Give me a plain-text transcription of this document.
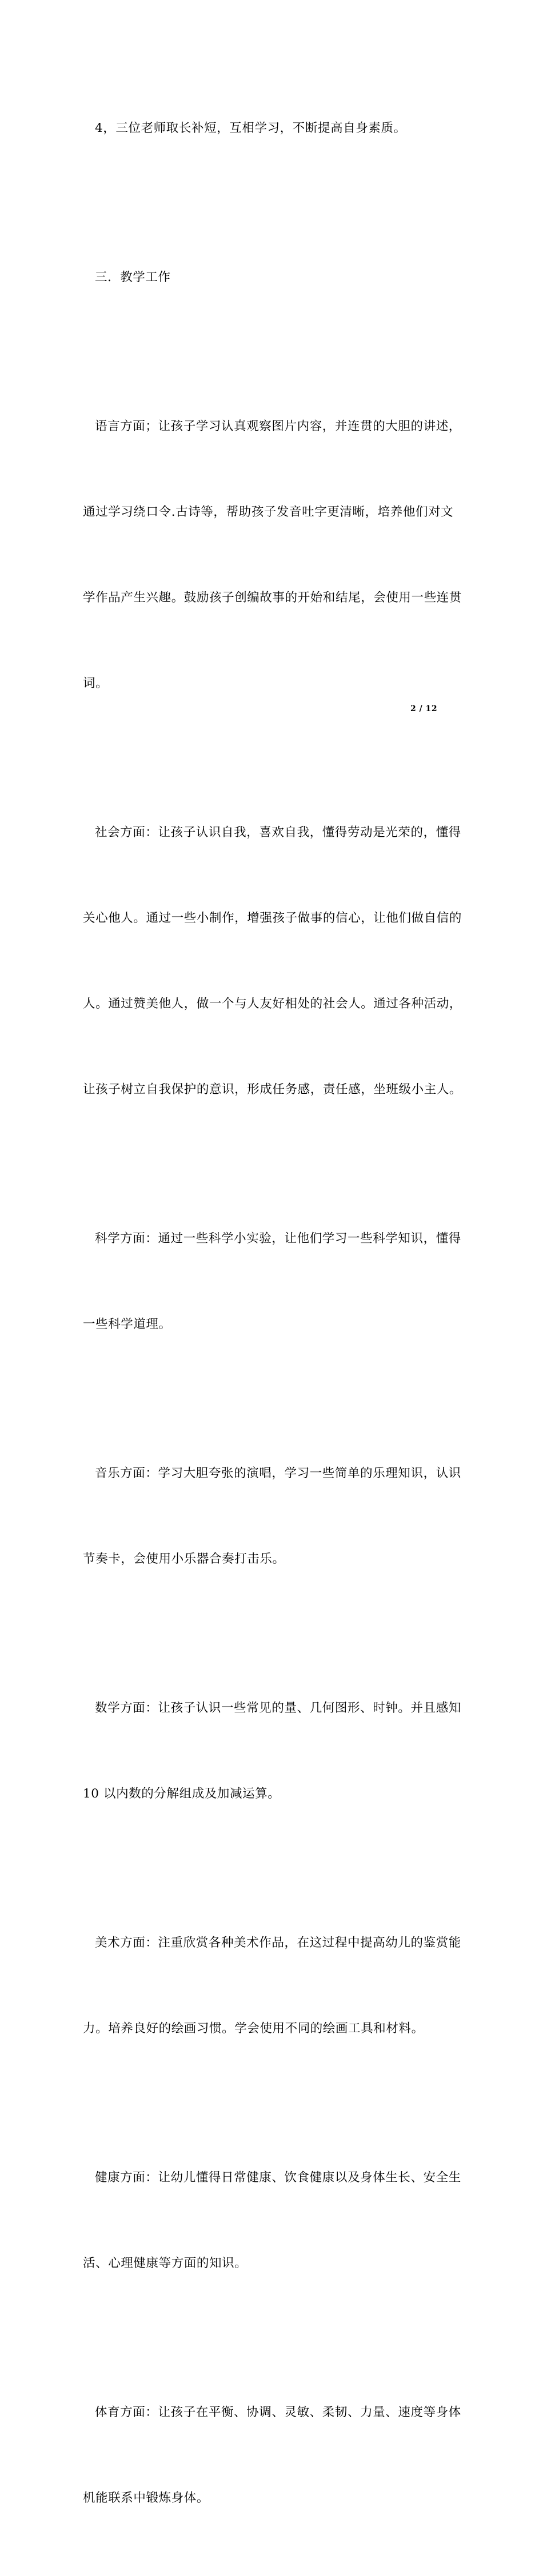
4，三位老师取长补短，互相学习，不断提高自身素质。

三．教学工作

语言方面；让孩子学习认真观察图片内容，并连贯的大胆的讲述，

通过学习绕口令.古诗等，帮助孩子发音吐字更清晰，培养他们对文

学作品产生兴趣。鼓励孩子创编故事的开始和结尾，会使用一些连贯

词。

社会方面：让孩子认识自我，喜欢自我，懂得劳动是光荣的，懂得

关心他人。通过一些小制作，增强孩子做事的信心，让他们做自信的

人。通过赞美他人，做一个与人友好相处的社会人。通过各种活动，

让孩子树立自我保护的意识，形成任务感，责任感，坐班级小主人。

科学方面：通过一些科学小实验，让他们学习一些科学知识，懂得

一些科学道理。

音乐方面：学习大胆夸张的演唱，学习一些简单的乐理知识，认识

节奏卡，会使用小乐器合奏打击乐。

数学方面：让孩子认识一些常见的量、几何图形、时钟。并且感知

10 以内数的分解组成及加减运算。

美术方面：注重欣赏各种美术作品，在这过程中提高幼儿的鉴赏能

力。培养良好的绘画习惯。学会使用不同的绘画工具和材料。

健康方面：让幼儿懂得日常健康、饮食健康以及身体生长、安全生

活、心理健康等方面的知识。

体育方面：让孩子在平衡、协调、灵敏、柔韧、力量、速度等身体

机能联系中锻炼身体。

2 / 12
